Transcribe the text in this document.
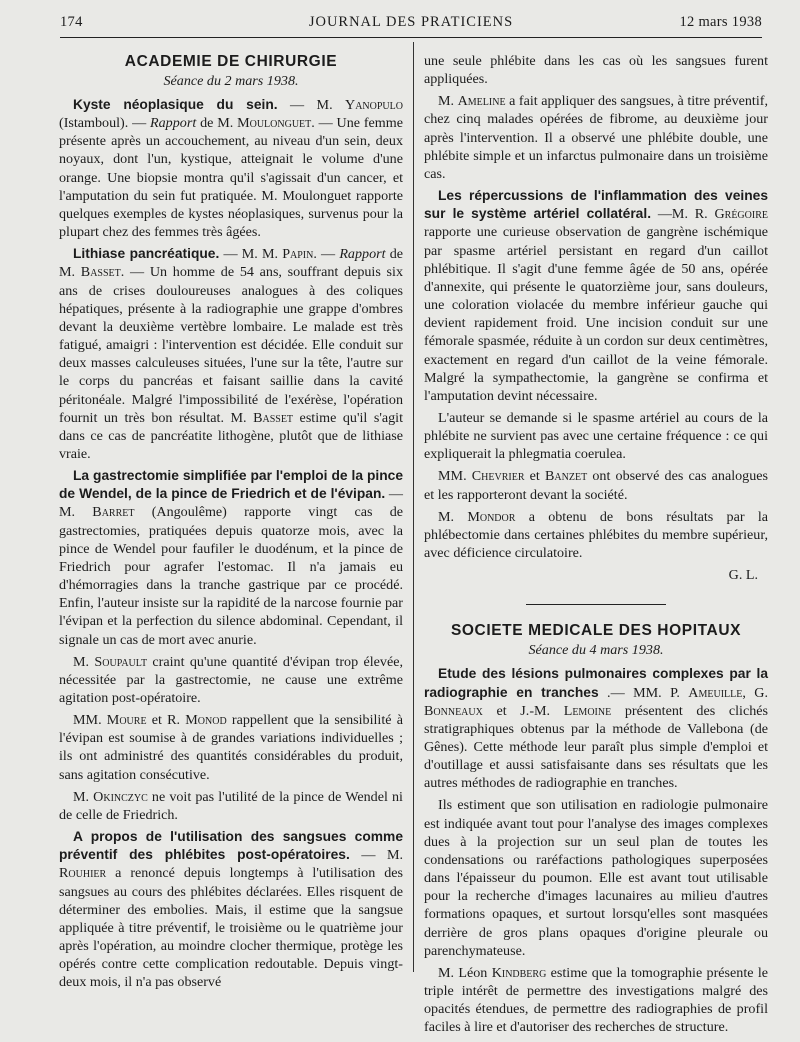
174	JOURNAL DES PRATICIENS	12 mars 1938
ACADEMIE DE CHIRURGIE
Séance du 2 mars 1938.

Kyste néoplasique du sein. — M. Yanopulo (Istamboul). — Rapport de M. Moulonguet. — Une femme présente après un accouchement, au niveau d'un sein, deux noyaux, dont l'un, kystique, atteignait le volume d'une orange. Une biopsie montra qu'il s'agissait d'un cancer, et l'amputation du sein fut pratiquée. M. Moulonguet rapporte quelques exemples de kystes néoplasiques, survenus pour la plupart chez des femmes très âgées.

Lithiase pancréatique. — M. M. Papin. — Rapport de M. Basset. — Un homme de 54 ans, souffrant depuis six ans de crises douloureuses analogues à des coliques hépatiques, présente à la radiographie une grappe d'ombres devant la deuxième vertèbre lombaire. Le malade est très fatigué, amaigri : l'intervention est décidée. Elle conduit sur deux masses calculeuses situées, l'une sur la tête, l'autre sur le corps du pancréas et faisant saillie dans la cavité péritonéale. Malgré l'impossibilité de l'exérèse, l'opération fournit un très bon résultat. M. Basset estime qu'il s'agit dans ce cas de pancréatite lithogène, plutôt que de lithiase vraie.

La gastrectomie simplifiée par l'emploi de la pince de Wendel, de la pince de Friedrich et de l'évipan. — M. Barret (Angoulême) rapporte vingt cas de gastrectomies, pratiquées depuis quatorze mois, avec la pince de Wendel pour faufiler le duodénum, et la pince de Friedrich pour agrafer l'estomac. Il n'a jamais eu d'hémorragies dans la tranche gastrique par ce procédé. Enfin, l'auteur insiste sur la rapidité de la narcose fournie par l'évipan et la perfection du silence abdominal. Cependant, il signale un cas de mort avec anurie.

M. Soupault craint qu'une quantité d'évipan trop élevée, nécessitée par la gastrectomie, ne cause une extrême agitation post-opératoire.

MM. Moure et R. Monod rappellent que la sensibilité à l'évipan est soumise à de grandes variations individuelles ; ils ont administré des quantités considérables du produit, sans agitation consécutive.

M. Okinczyc ne voit pas l'utilité de la pince de Wendel ni de celle de Friedrich.

A propos de l'utilisation des sangsues comme préventif des phlébites post-opératoires. — M. Rouhier a renoncé depuis longtemps à l'utilisation des sangsues au cours des phlébites déclarées. Elles risquent de déterminer des embolies. Mais, il estime que la sangsue appliquée à titre préventif, le troisième ou le quatrième jour après l'opération, au moindre clocher thermique, protège les opérés contre cette complication redoutable. Depuis vingt-deux mois, il n'a pas observé

une seule phlébite dans les cas où les sangsues furent appliquées.

M. Ameline a fait appliquer des sangsues, à titre préventif, chez cinq malades opérées de fibrome, au deuxième jour après l'intervention. Il a observé une phlébite double, une phlébite simple et un infarctus pulmonaire dans un troisième cas.

Les répercussions de l'inflammation des veines sur le système artériel collatéral. —M. R. Grégoire rapporte une curieuse observation de gangrène ischémique par spasme artériel persistant en regard d'un caillot phlébitique. Il s'agit d'une femme âgée de 50 ans, opérée d'annexite, qui présente le quatorzième jour, sans douleurs, une coloration violacée du membre inférieur gauche qui devient rapidement froid. Une incision conduit sur une fémorale spasmée, réduite à un cordon sur deux centimètres, exactement en regard d'un caillot de la veine fémorale. Malgré la sympathectomie, la gangrène se confirma et l'amputation devint nécessaire.

L'auteur se demande si le spasme artériel au cours de la phlébite ne survient pas avec une certaine fréquence : ce qui expliquerait la phlegmatia coerulea.

MM. Chevrier et Banzet ont observé des cas analogues et les rapporteront devant la société.

M. Mondor a obtenu de bons résultats par la phlébectomie dans certaines phlébites du membre supérieur, avec déficience circulatoire.

G. L.
SOCIETE MEDICALE DES HOPITAUX
Séance du 4 mars 1938.

Etude des lésions pulmonaires complexes par la radiographie en tranches .— MM. P. Ameuille, G. Bonneaux et J.-M. Lemoine présentent des clichés stratigraphiques obtenus par la méthode de Vallebona (de Gênes). Cette méthode leur paraît plus simple d'emploi et d'outillage et aussi satisfaisante dans ses résultats que les autres méthodes de radiographie en tranches.

Ils estiment que son utilisation en radiologie pulmonaire est indiquée avant tout pour l'analyse des images complexes dues à la projection sur un seul plan de toutes les condensations ou raréfactions pathologiques superposées dans l'épaisseur du poumon. Elle est avant tout utilisable pour la recherche d'images lacunaires au milieu d'autres formations opaques, et surtout lorsqu'elles sont masquées derrière de gros plans opaques d'origine pleurale ou parenchymateuse.

M. Léon Kindberg estime que la tomographie présente le triple intérêt de permettre des investigations malgré des opacités étendues, de permettre des radiographies de profil faciles à lire et d'autoriser des recherches de structure.
